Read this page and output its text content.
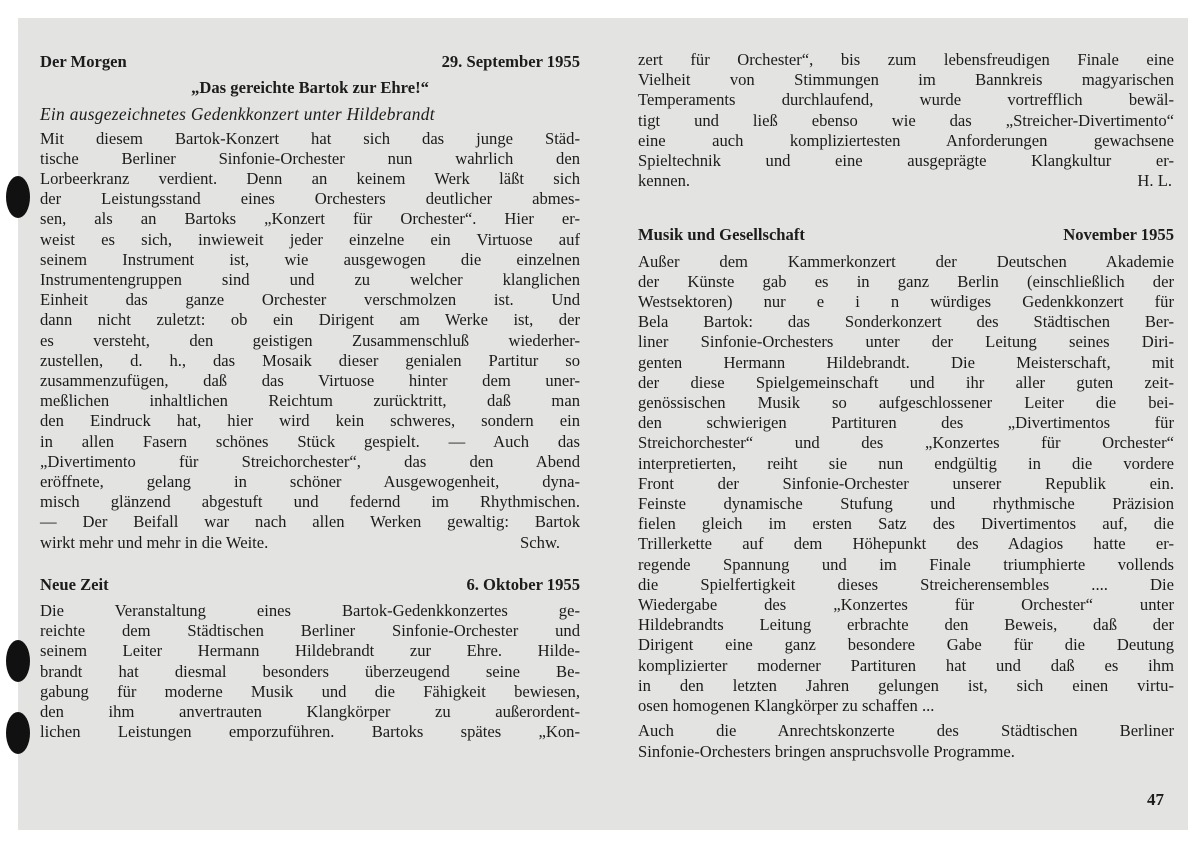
Der Morgen	29. September 1955
„Das gereichte Bartok zur Ehre!“
Ein ausgezeichnetes Gedenkkonzert unter Hildebrandt
Mit diesem Bartok-Konzert hat sich das junge Städ-
tische Berliner Sinfonie-Orchester nun wahrlich den
Lorbeerkranz verdient. Denn an keinem Werk läßt sich
der Leistungsstand eines Orchesters deutlicher abmes-
sen, als an Bartoks „Konzert für Orchester“. Hier er-
weist es sich, inwieweit jeder einzelne ein Virtuose auf
seinem Instrument ist, wie ausgewogen die einzelnen
Instrumentengruppen sind und zu welcher klanglichen
Einheit das ganze Orchester verschmolzen ist. Und
dann nicht zuletzt: ob ein Dirigent am Werke ist, der
es versteht, den geistigen Zusammenschluß wiederher-
zustellen, d. h., das Mosaik dieser genialen Partitur so
zusammenzufügen, daß das Virtuose hinter dem uner-
meßlichen inhaltlichen Reichtum zurücktritt, daß man
den Eindruck hat, hier wird kein schweres, sondern ein
in allen Fasern schönes Stück gespielt. — Auch das
„Divertimento für Streichorchester“, das den Abend
eröffnete, gelang in schöner Ausgewogenheit, dyna-
misch glänzend abgestuft und federnd im Rhythmischen.
— Der Beifall war nach allen Werken gewaltig: Bartok
wirkt mehr und mehr in die Weite.	Schw.
Neue Zeit	6. Oktober 1955
Die Veranstaltung eines Bartok-Gedenkkonzertes ge-
reichte dem Städtischen Berliner Sinfonie-Orchester und
seinem Leiter Hermann Hildebrandt zur Ehre. Hilde-
brandt hat diesmal besonders überzeugend seine Be-
gabung für moderne Musik und die Fähigkeit bewiesen,
den ihm anvertrauten Klangkörper zu außerordent-
lichen Leistungen emporzuführen. Bartoks spätes „Kon-
zert für Orchester“, bis zum lebensfreudigen Finale eine
Vielheit von Stimmungen im Bannkreis magyarischen
Temperaments durchlaufend, wurde vortrefflich bewäl-
tigt und ließ ebenso wie das „Streicher-Divertimento“
eine auch kompliziertesten Anforderungen gewachsene
Spieltechnik und eine ausgeprägte Klangkultur er-
kennen.	H. L.
Musik und Gesellschaft	November 1955
Außer dem Kammerkonzert der Deutschen Akademie
der Künste gab es in ganz Berlin (einschließlich der
Westsektoren) nur e i n würdiges Gedenkkonzert für
Bela Bartok: das Sonderkonzert des Städtischen Ber-
liner Sinfonie-Orchesters unter der Leitung seines Diri-
genten Hermann Hildebrandt. Die Meisterschaft, mit
der diese Spielgemeinschaft und ihr aller guten zeit-
genössischen Musik so aufgeschlossener Leiter die bei-
den schwierigen Partituren des „Divertimentos für
Streichorchester“ und des „Konzertes für Orchester“
interpretierten, reiht sie nun endgültig in die vordere
Front der Sinfonie-Orchester unserer Republik ein.
Feinste dynamische Stufung und rhythmische Präzision
fielen gleich im ersten Satz des Divertimentos auf, die
Trillerkette auf dem Höhepunkt des Adagios hatte er-
regende Spannung und im Finale triumphierte vollends
die Spielfertigkeit dieses Streicherensembles .... Die
Wiedergabe des „Konzertes für Orchester“ unter
Hildebrandts Leitung erbrachte den Beweis, daß der
Dirigent eine ganz besondere Gabe für die Deutung
komplizierter moderner Partituren hat und daß es ihm
in den letzten Jahren gelungen ist, sich einen virtu-
osen homogenen Klangkörper zu schaffen ...
Auch die Anrechtskonzerte des Städtischen Berliner
Sinfonie-Orchesters bringen anspruchsvolle Programme.
47
